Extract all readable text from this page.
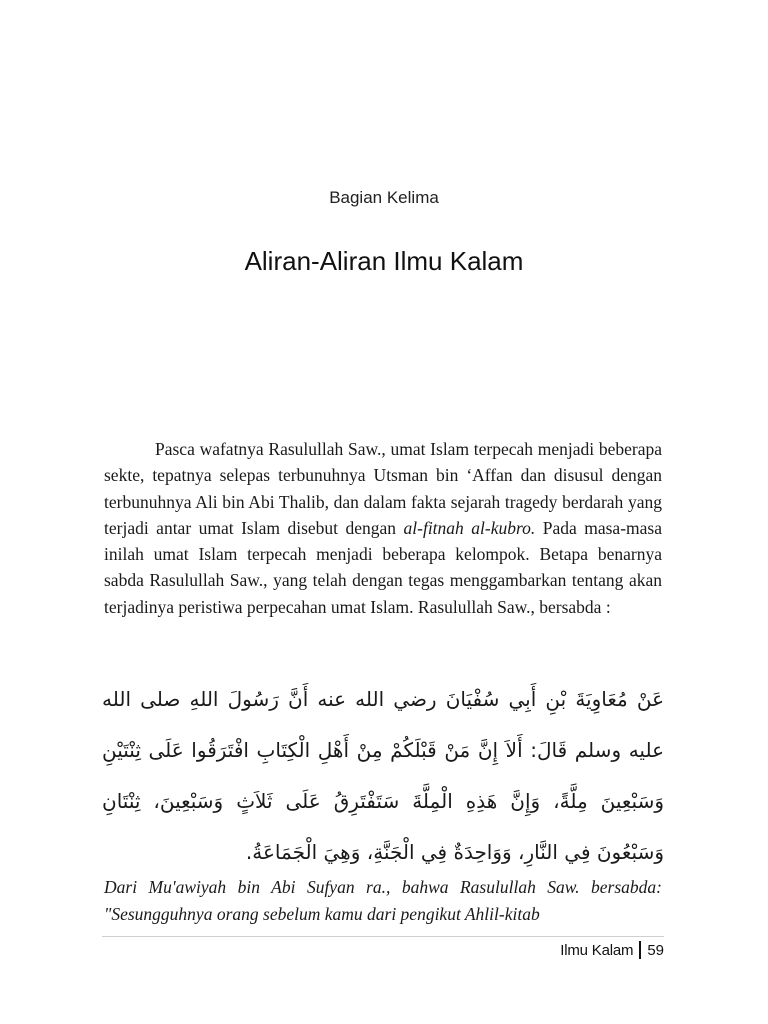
Bagian Kelima
Aliran-Aliran Ilmu Kalam

Pasca wafatnya Rasulullah Saw., umat Islam terpecah menjadi beberapa sekte, tepatnya selepas terbunuhnya Utsman bin ‘Affan dan disusul dengan terbunuhnya Ali bin Abi Thalib, dan dalam fakta sejarah tragedy berdarah yang terjadi antar umat Islam disebut dengan al-fitnah al-kubro. Pada masa-masa inilah umat Islam terpecah menjadi beberapa kelompok. Betapa benarnya sabda Rasulullah Saw., yang telah dengan tegas menggambarkan tentang akan terjadinya peristiwa perpecahan umat Islam. Rasulullah Saw., bersabda :

عَنْ مُعَاوِيَةَ بْنِ أَبِي سُفْيَانَ رضي الله عنه أَنَّ رَسُولَ اللهِ صلى الله عليه وسلم قَالَ: أَلاَ إِنَّ مَنْ قَبْلَكُمْ مِنْ أَهْلِ الْكِتَابِ افْتَرَقُوا عَلَى ثِنْتَيْنِ وَسَبْعِينَ مِلَّةً، وَإِنَّ هَذِهِ الْمِلَّةَ سَتَفْتَرِقُ عَلَى ثَلاَثٍ وَسَبْعِينَ، ثِنْتَانِ وَسَبْعُونَ فِي النَّارِ، وَوَاحِدَةٌ فِي الْجَنَّةِ، وَهِيَ الْجَمَاعَةُ.

Dari Mu'awiyah bin Abi Sufyan ra., bahwa Rasulullah Saw. bersabda: "Sesungguhnya orang sebelum kamu dari pengikut Ahlil-kitab

Ilmu Kalam 59
